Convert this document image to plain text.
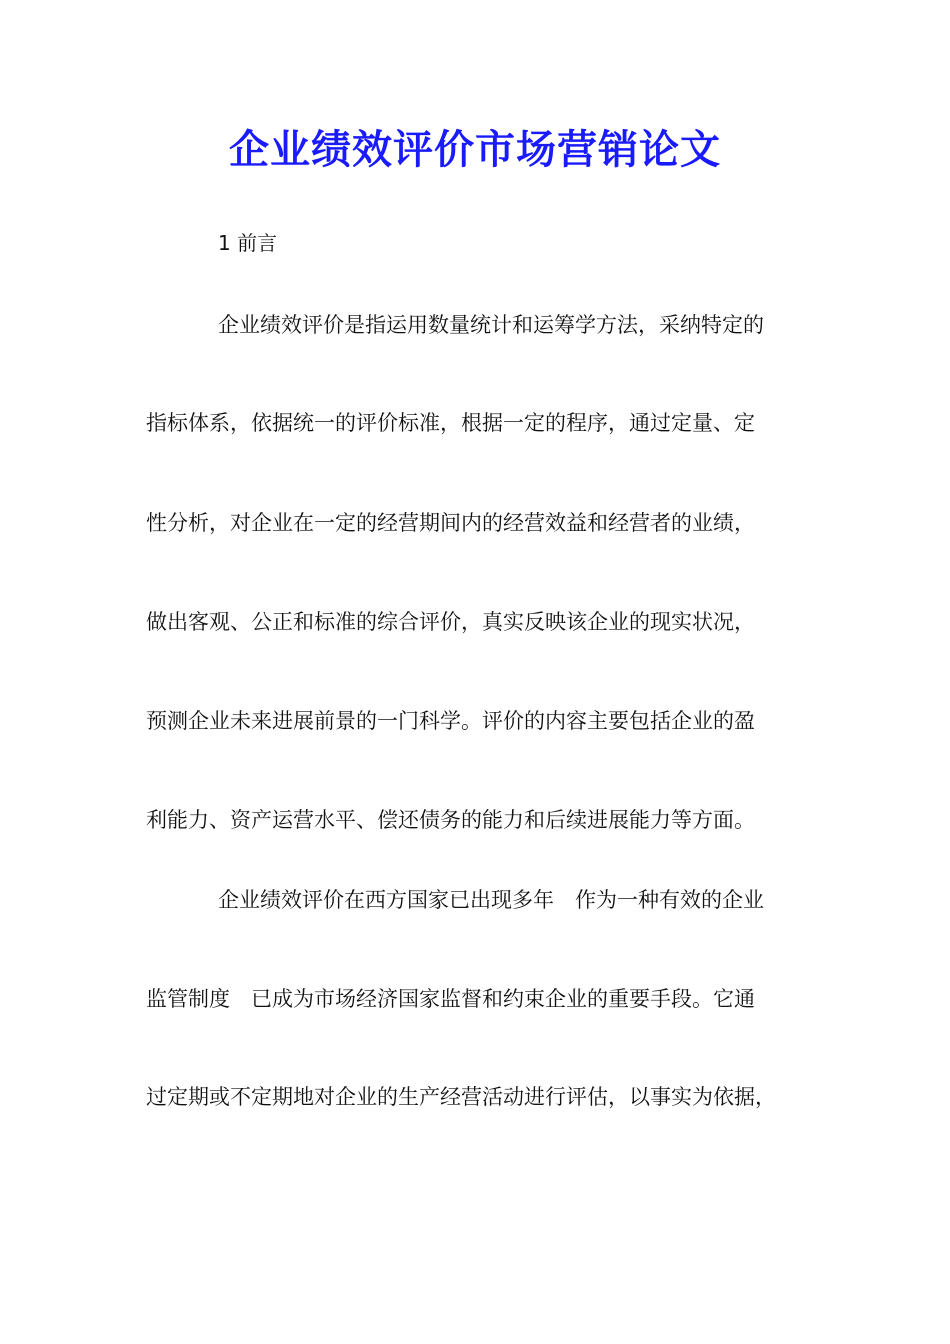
企业绩效评价市场营销论文

1 前言

企业绩效评价是指运用数量统计和运筹学方法，采纳特定的

指标体系，依据统一的评价标准，根据一定的程序，通过定量、定

性分析，对企业在一定的经营期间内的经营效益和经营者的业绩，

做出客观、公正和标准的综合评价，真实反映该企业的现实状况，

预测企业未来进展前景的一门科学。评价的内容主要包括企业的盈

利能力、资产运营水平、偿还债务的能力和后续进展能力等方面。

企业绩效评价在西方国家已出现多年　作为一种有效的企业

监管制度　已成为市场经济国家监督和约束企业的重要手段。它通

过定期或不定期地对企业的生产经营活动进行评估，以事实为依据，
